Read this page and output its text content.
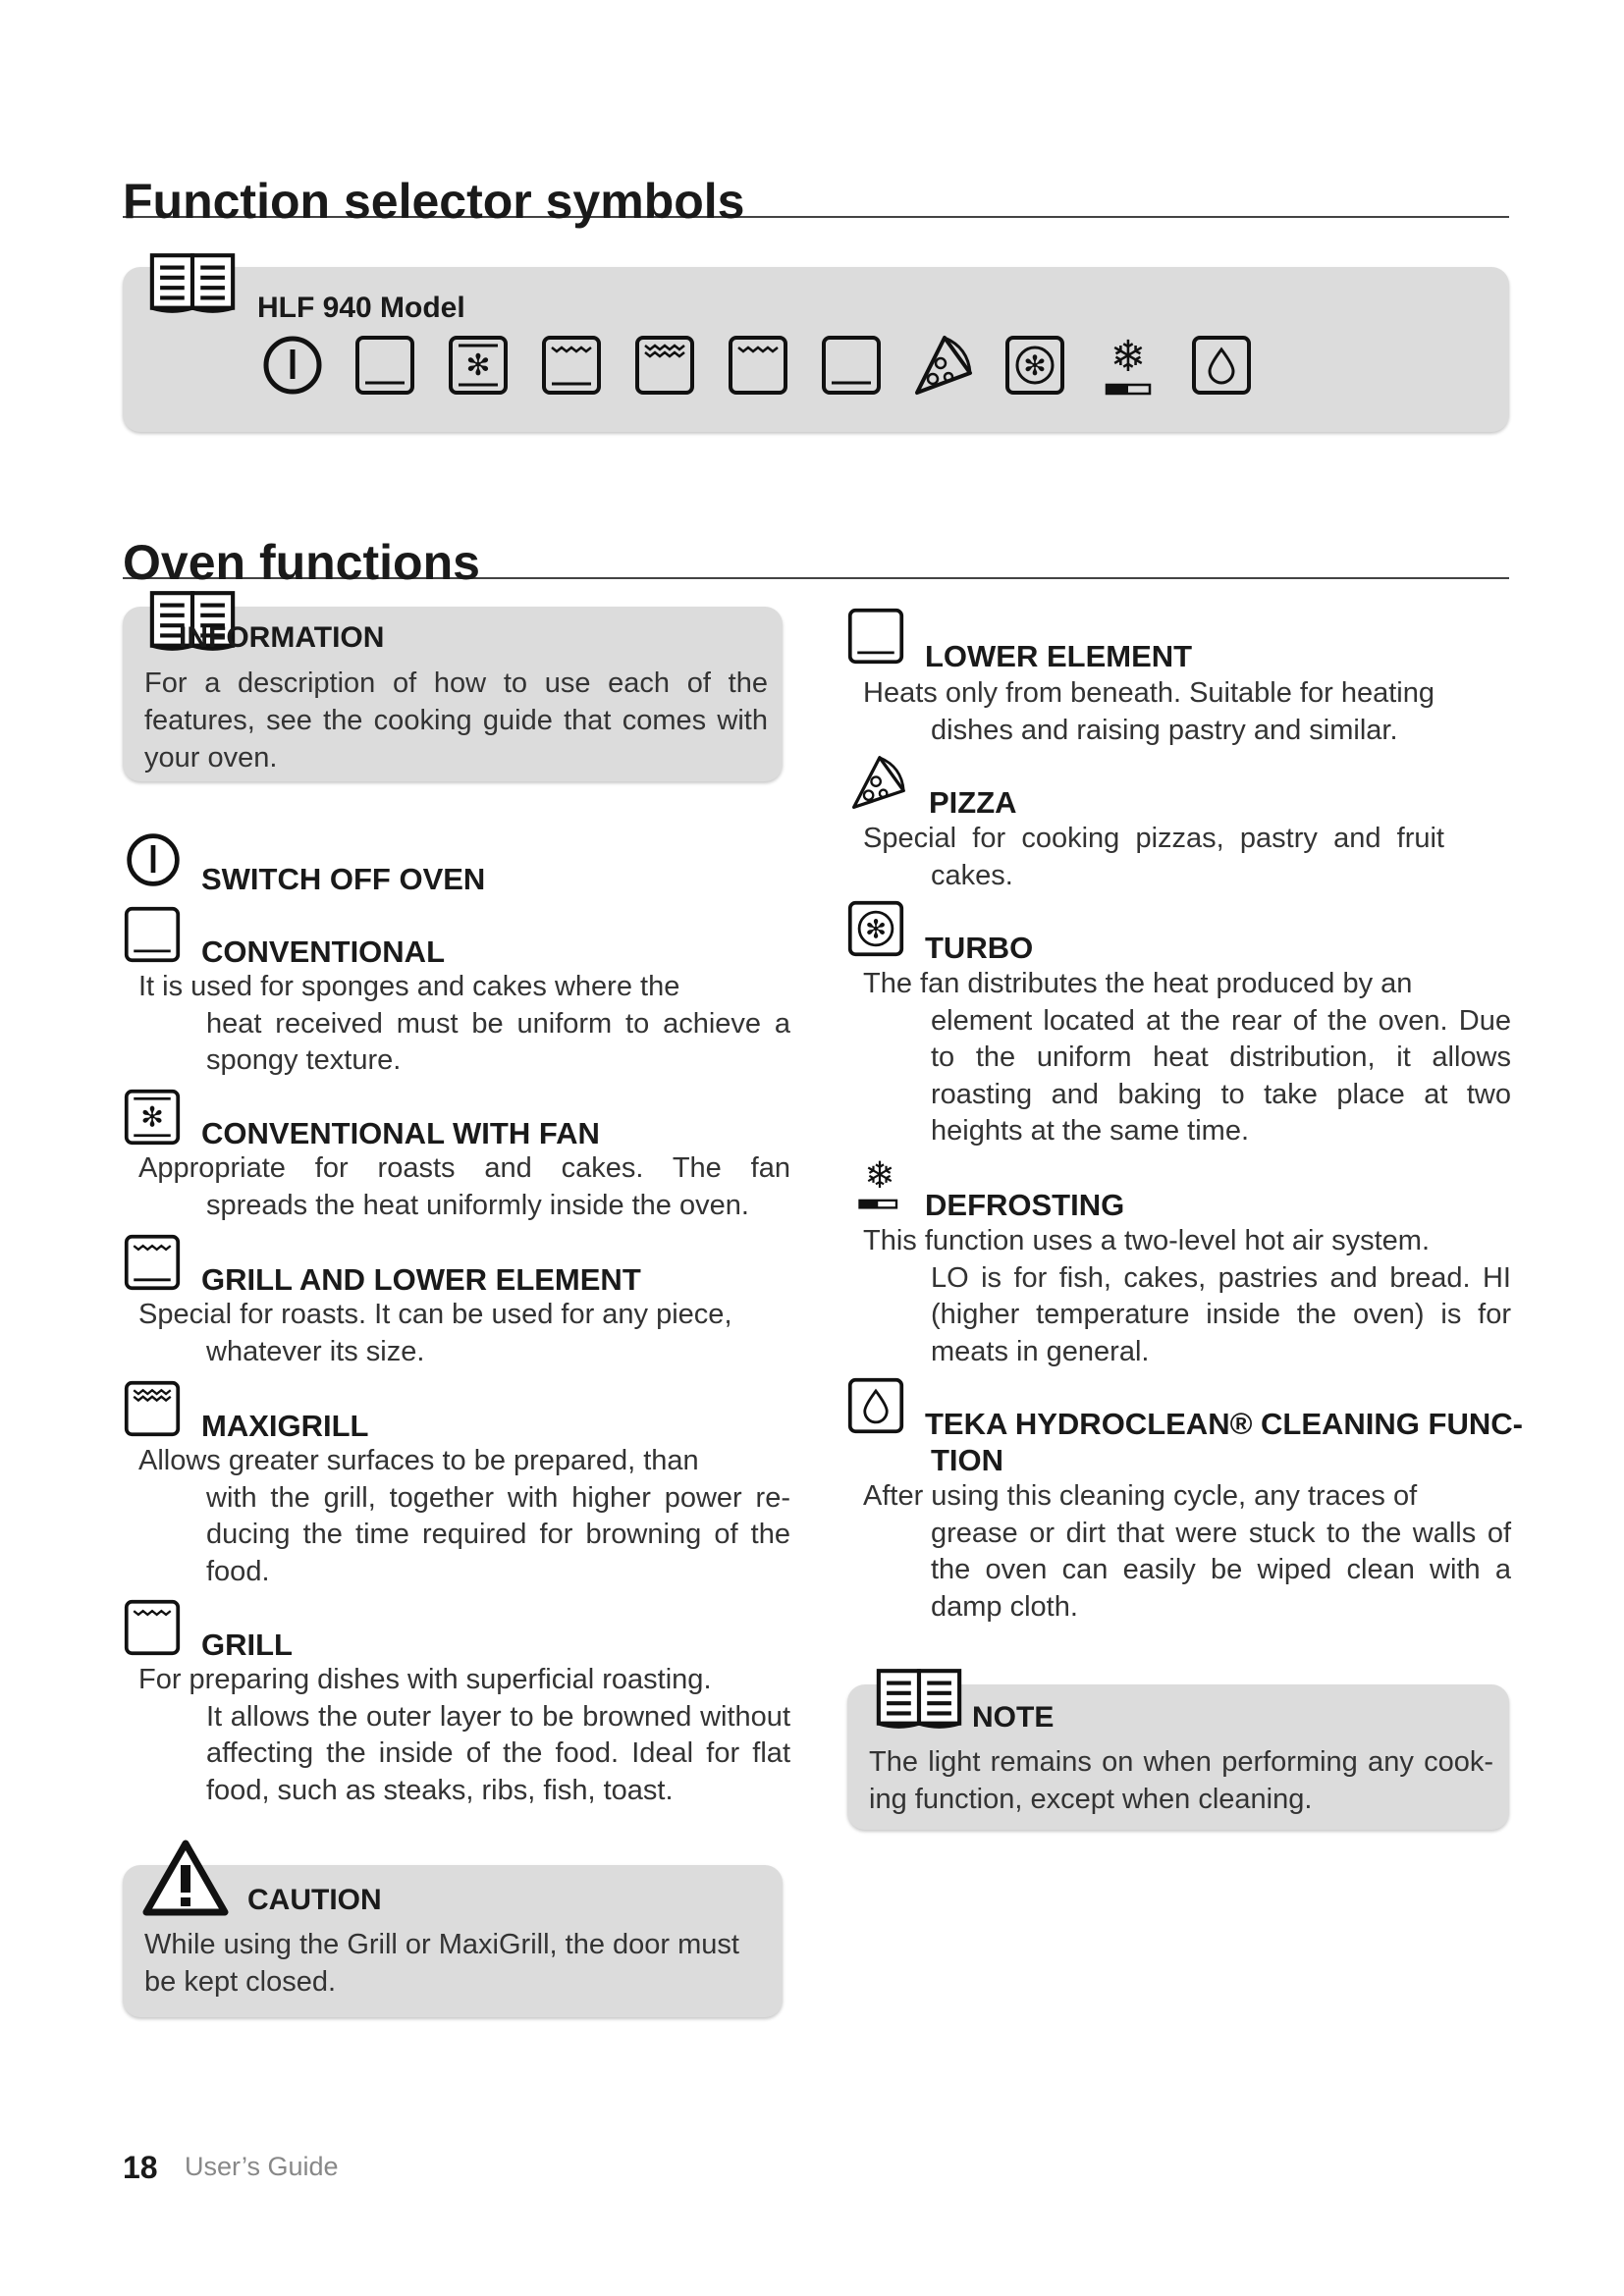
Function selector symbols
HLF 940 Model
✻	✻ ❄
Oven functions
INFORMATION
For a description of how to use each of the features, see the cooking guide that comes with your oven.
SWITCH OFF OVEN
CONVENTIONAL
It is used for sponges and cakes where the
heat received must be uniform to achieve a spongy texture.
✻ CONVENTIONAL WITH FAN
Appropriate for roasts and cakes. The fan
spreads the heat uniformly inside the oven.
GRILL AND LOWER ELEMENT
Special for roasts. It can be used for any piece,
whatever its size.
MAXIGRILL
Allows greater surfaces to be prepared, than
with the grill, together with higher power re-ducing the time required for browning of the food.
GRILL
For preparing dishes with superficial roasting.
It allows the outer layer to be browned without affecting the inside of the food. Ideal for flat food, such as steaks, ribs, fish, toast.
CAUTION
While using the Grill or MaxiGrill, the door must be kept closed.
LOWER ELEMENT
Heats only from beneath. Suitable for heating
dishes and raising pastry and similar.
PIZZA
Special for cooking pizzas, pastry and fruit
cakes.
✻
TURBO
The fan distributes the heat produced by an
element located at the rear of the oven. Due to the uniform heat distribution, it allows roasting and baking to take place at two heights at the same time.
❄
DEFROSTING
This function uses a two-level hot air system.
LO is for fish, cakes, pastries and bread. HI (higher temperature inside the oven) is for meats in general.
TEKA HYDROCLEAN® CLEANING FUNC-
TION
After using this cleaning cycle, any traces of
grease or dirt that were stuck to the walls of the oven can easily be wiped clean with a damp cloth.
NOTE
The light remains on when performing any cook-ing function, except when cleaning.
18 User’s Guide
